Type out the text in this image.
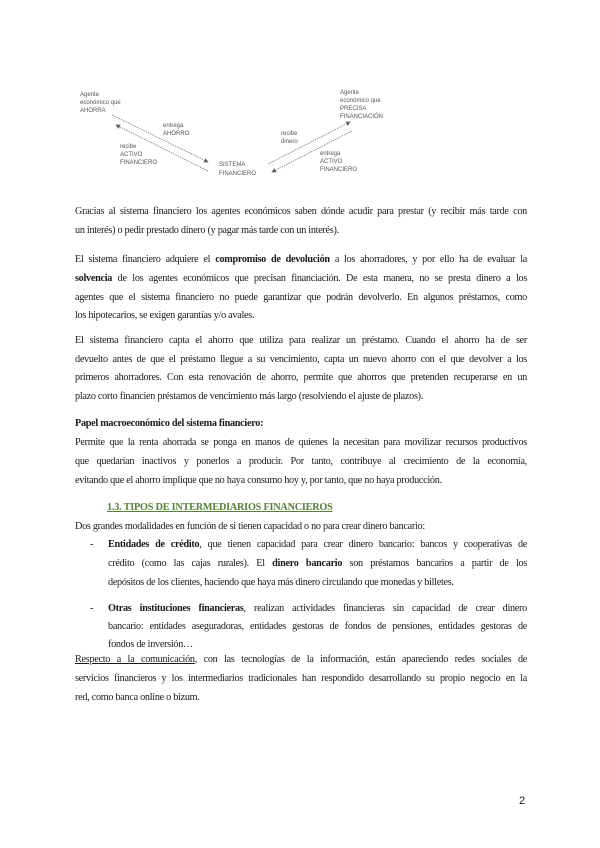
Agente económico que AHORRA
Agente económico que PRECISA FINANCIACIÓN
SISTEMA FINANCIERO
entrega AHORRO
recibe ACTIVO FINANCIERO
recibe dinero
entrega ACTIVO FINANCIERO
Gracias al sistema financiero los agentes económicos saben dónde acudir para prestar (y recibir más tarde con
un interés) o pedir prestado dinero (y pagar más tarde con un interés).
El sistema financiero adquiere el compromiso de devolución a los ahorradores, y por ello ha de evaluar la
solvencia de los agentes económicos que precisan financiación. De esta manera, no se presta dinero a los
agentes que el sistema financiero no puede garantizar que podrán devolverlo. En algunos préstamos, como
los hipotecarios, se exigen garantías y/o avales.
El sistema financiero capta el ahorro que utiliza para realizar un préstamo. Cuando el ahorro ha de ser
devuelto antes de que el préstamo llegue a su vencimiento, capta un nuevo ahorro con el que devolver a los
primeros ahorradores. Con esta renovación de ahorro, permite que ahorros que pretenden recuperarse en un
plazo corto financien préstamos de vencimiento más largo (resolviendo el ajuste de plazos).
Papel macroeconómico del sistema financiero:
Permite que la renta ahorrada se ponga en manos de quienes la necesitan para movilizar recursos productivos
que quedarían inactivos y ponerlos a producir. Por tanto, contribuye al crecimiento de la economía,
evitando que el ahorro implique que no haya consumo hoy y, por tanto, que no haya producción.
1.3. TIPOS DE INTERMEDIARIOS FINANCIEROS
Dos grandes modalidades en función de si tienen capacidad o no para crear dinero bancario:
- Entidades de crédito, que tienen capacidad para crear dinero bancario: bancos y cooperativas de
crédito (como las cajas rurales). El dinero bancario son préstamos bancarios a partir de los
depósitos de los clientes, haciendo que haya más dinero circulando que monedas y billetes.
- Otras instituciones financieras, realizan actividades financieras sin capacidad de crear dinero
bancario: entidades aseguradoras, entidades gestoras de fondos de pensiones, entidades gestoras de
fondos de inversión…
Respecto a la comunicación, con las tecnologías de la información, están apareciendo redes sociales de
servicios financieros y los intermediarios tradicionales han respondido desarrollando su propio negocio en la
red, como banca online o bizum.
2
